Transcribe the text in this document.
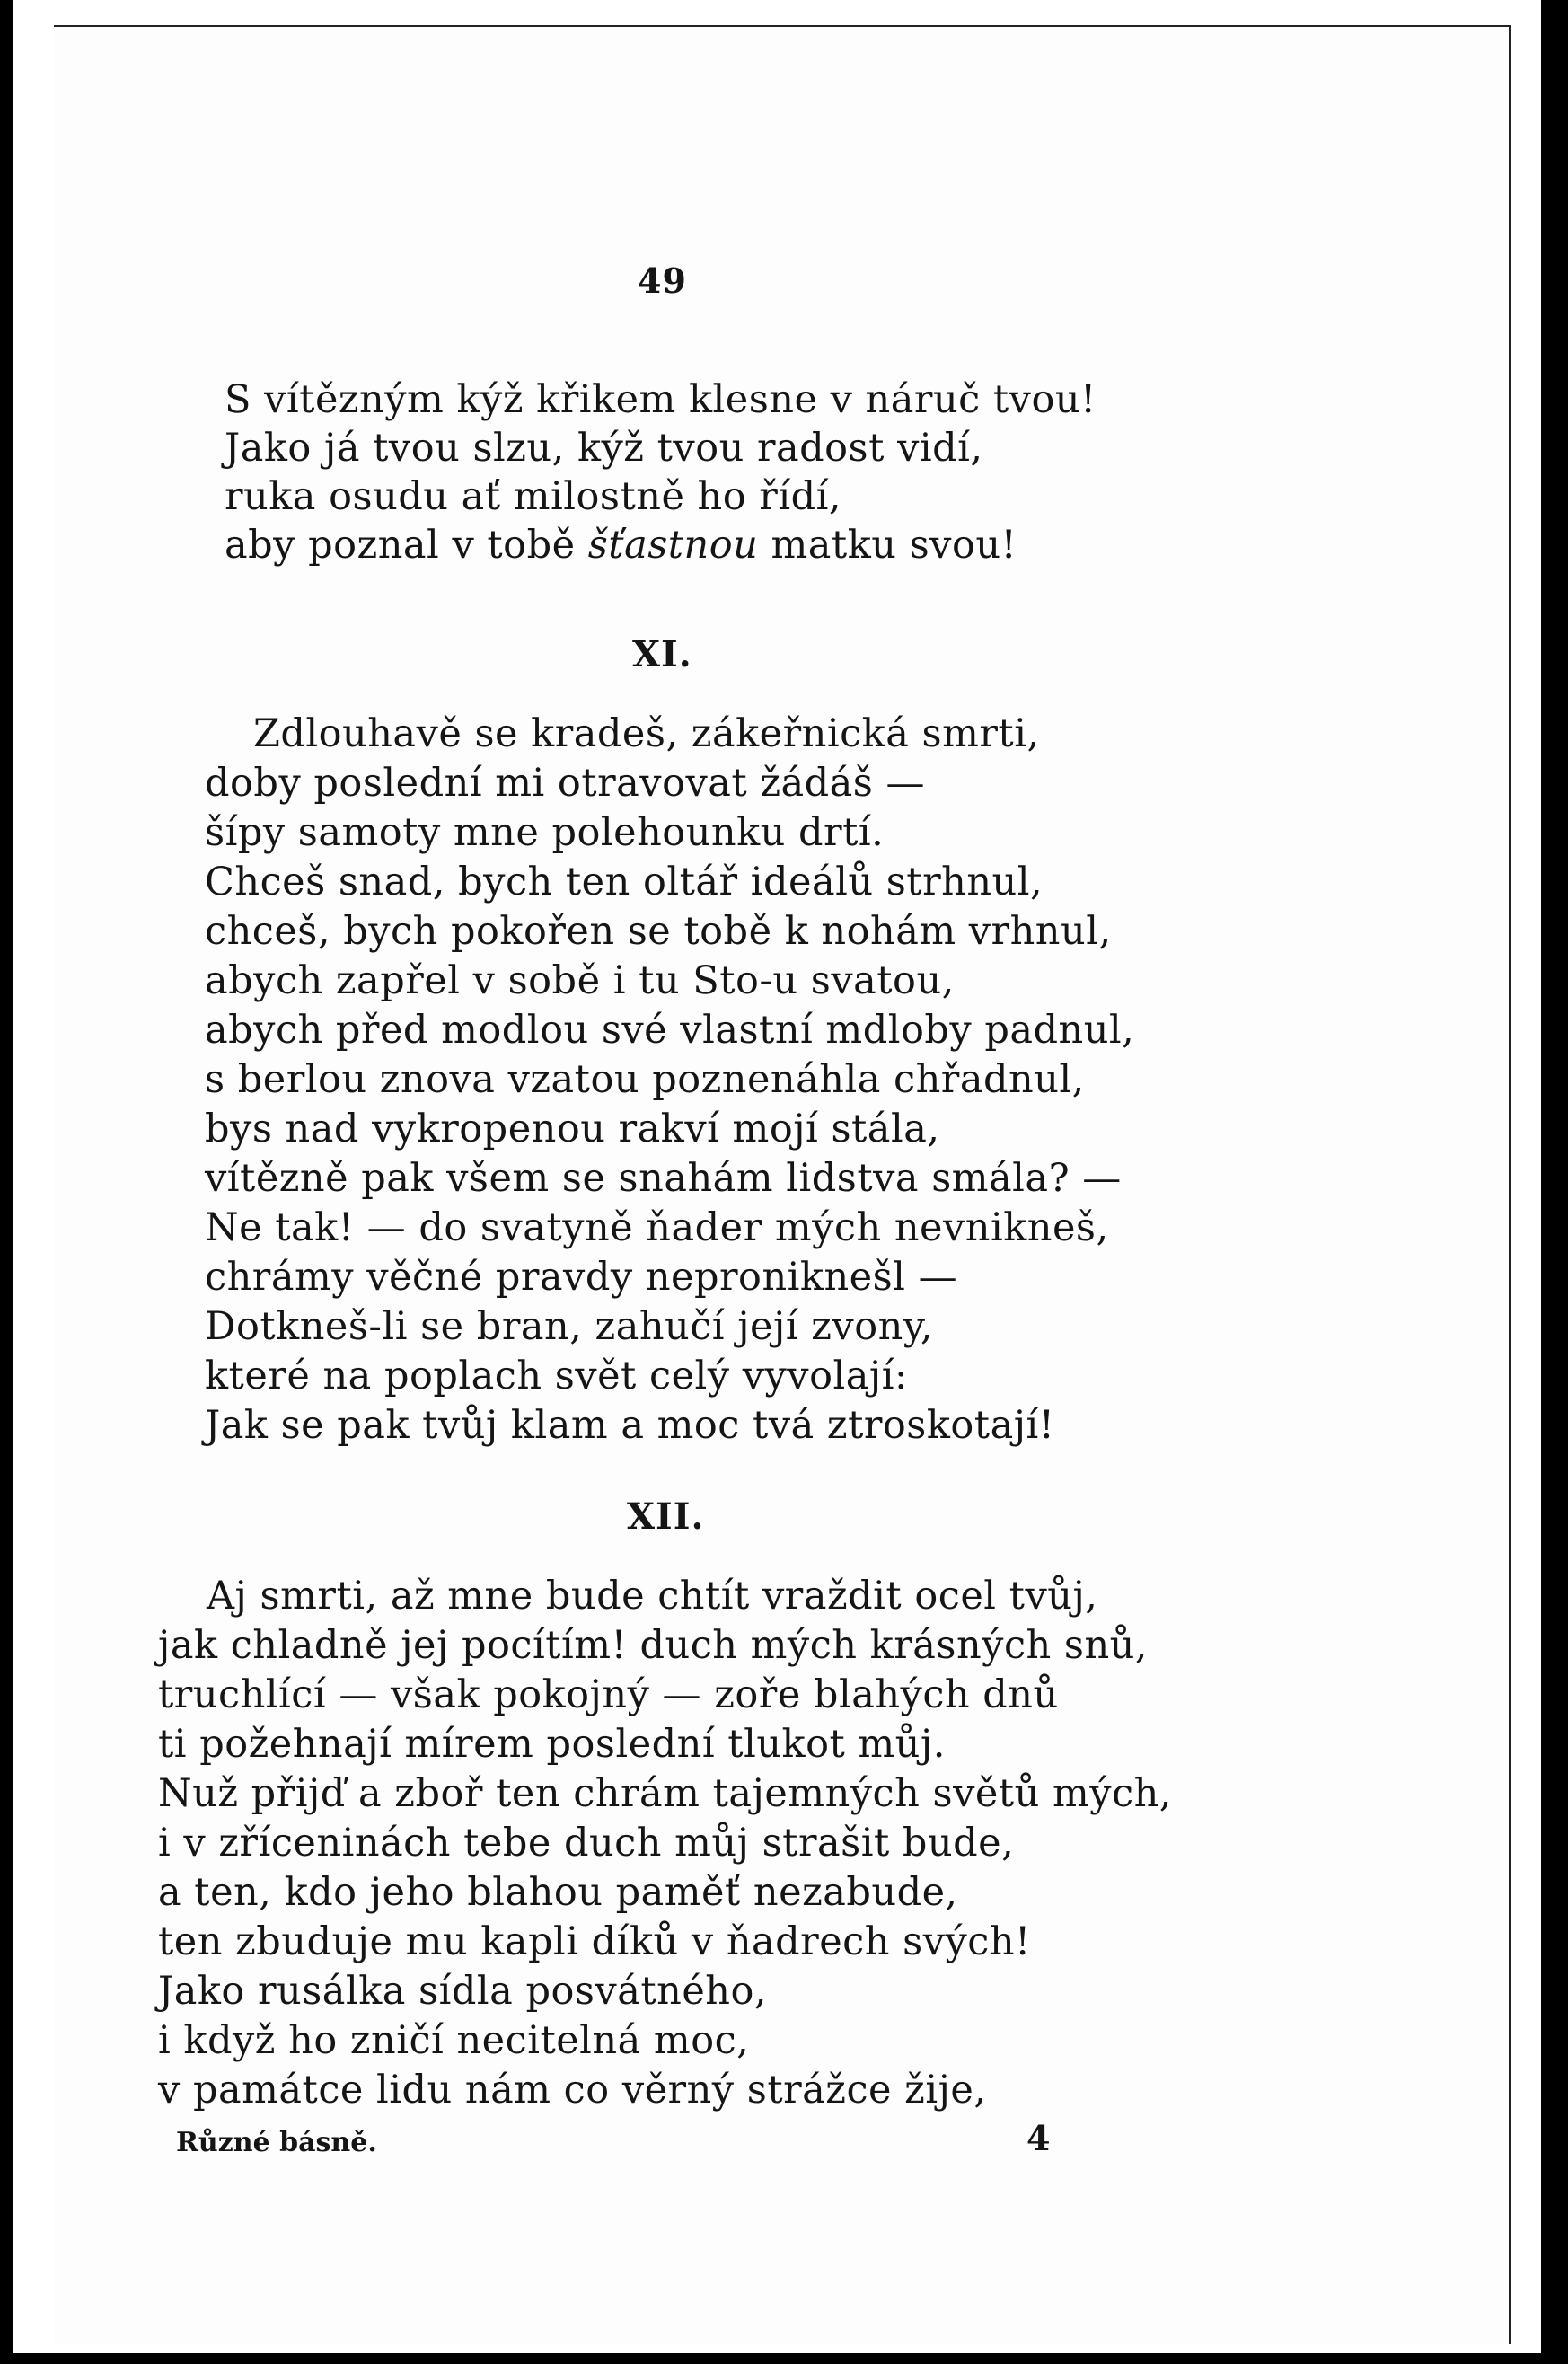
49
S vítězným kýž křikem klesne v náruč tvou!
Jako já tvou slzu, kýž tvou radost vidí,
ruka osudu ať milostně ho řídí,
aby poznal v tobě šťastnou matku svou!
XI.
Zdlouhavě se kradeš, zákeřnická smrti,
doby poslední mi otravovat žádáš —
šípy samoty mne polehounku drtí.
Chceš snad, bych ten oltář ideálů strhnul,
chceš, bych pokořen se tobě k nohám vrhnul,
abych zapřel v sobě i tu Sto-u svatou,
abych před modlou své vlastní mdloby padnul,
s berlou znova vzatou poznenáhla chřadnul,
bys nad vykropenou rakví mojí stála,
vítězně pak všem se snahám lidstva smála? —
Ne tak! — do svatyně ňader mých nevnikneš,
chrámy věčné pravdy neproniknešl —
Dotkneš-li se bran, zahučí její zvony,
které na poplach svět celý vyvolají:
Jak se pak tvůj klam a moc tvá ztroskotají!
XII.
Aj smrti, až mne bude chtít vraždit ocel tvůj,
jak chladně jej pocítím! duch mých krásných snů,
truchlící — však pokojný — zoře blahých dnů
ti požehnají mírem poslední tlukot můj.
Nuž přijď a zboř ten chrám tajemných světů mých,
i v zříceninách tebe duch můj strašit bude,
a ten, kdo jeho blahou paměť nezabude,
ten zbuduje mu kapli díků v ňadrech svých!
Jako rusálka sídla posvátného,
i když ho zničí necitelná moc,
v památce lidu nám co věrný strážce žije,
Různé básně.	4
